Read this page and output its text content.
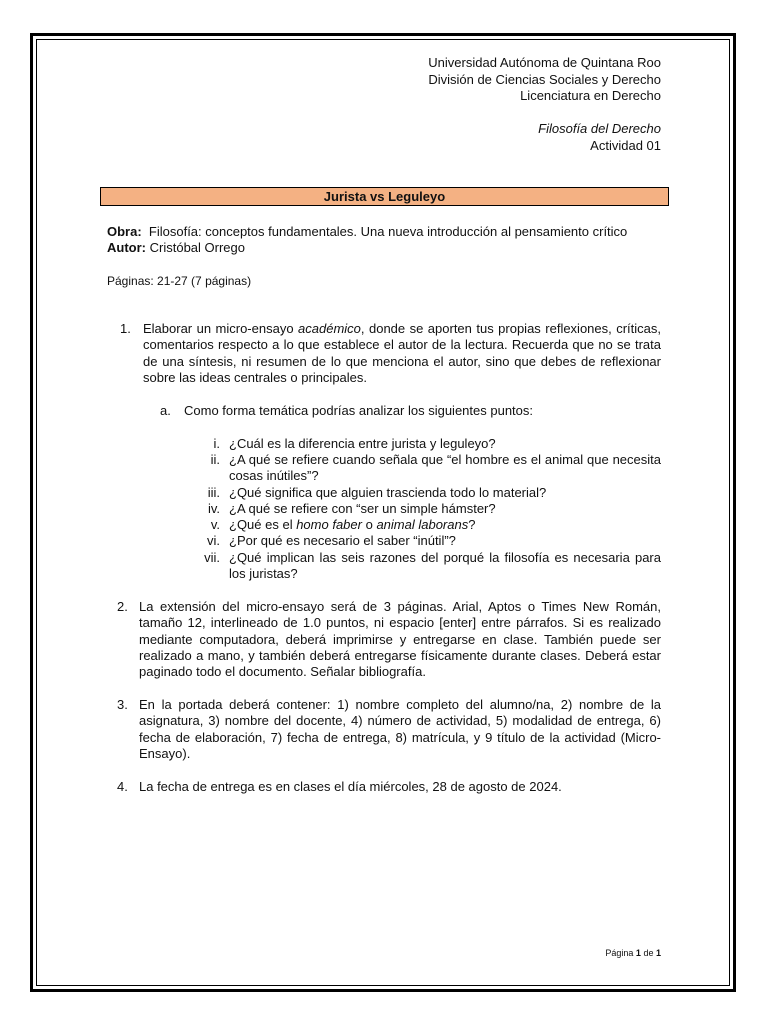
Universidad Autónoma de Quintana Roo
División de Ciencias Sociales y Derecho
Licenciatura en Derecho
Filosofía del Derecho
Actividad 01
Jurista vs Leguleyo
Obra: Filosofía: conceptos fundamentales. Una nueva introducción al pensamiento crítico
Autor: Cristóbal Orrego
Páginas: 21-27 (7 páginas)
1. Elaborar un micro-ensayo académico, donde se aporten tus propias reflexiones, críticas, comentarios respecto a lo que establece el autor de la lectura. Recuerda que no se trata de una síntesis, ni resumen de lo que menciona el autor, sino que debes de reflexionar sobre las ideas centrales o principales.
a. Como forma temática podrías analizar los siguientes puntos:
i. ¿Cuál es la diferencia entre jurista y leguleyo?
ii. ¿A qué se refiere cuando señala que “el hombre es el animal que necesita cosas inútiles”?
iii. ¿Qué significa que alguien trascienda todo lo material?
iv. ¿A qué se refiere con “ser un simple hámster?
v. ¿Qué es el homo faber o animal laborans?
vi. ¿Por qué es necesario el saber “inútil”?
vii. ¿Qué implican las seis razones del porqué la filosofía es necesaria para los juristas?
2. La extensión del micro-ensayo será de 3 páginas. Arial, Aptos o Times New Román, tamaño 12, interlineado de 1.0 puntos, ni espacio [enter] entre párrafos. Si es realizado mediante computadora, deberá imprimirse y entregarse en clase. También puede ser realizado a mano, y también deberá entregarse físicamente durante clases. Deberá estar paginado todo el documento. Señalar bibliografía.
3. En la portada deberá contener: 1) nombre completo del alumno/na, 2) nombre de la asignatura, 3) nombre del docente, 4) número de actividad, 5) modalidad de entrega, 6) fecha de elaboración, 7) fecha de entrega, 8) matrícula, y 9 título de la actividad (Micro-Ensayo).
4. La fecha de entrega es en clases el día miércoles, 28 de agosto de 2024.
Página 1 de 1
